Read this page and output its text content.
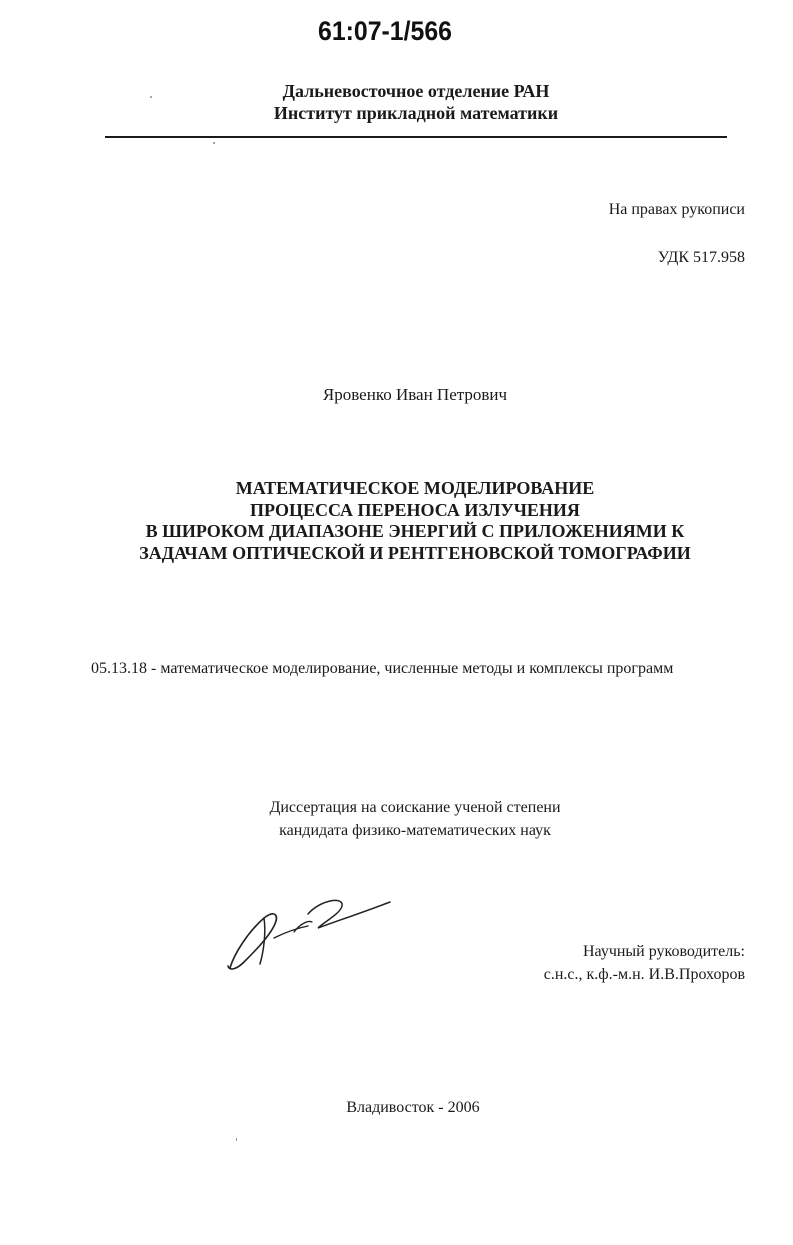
61:07-1/566
Дальневосточное отделение РАН
Институт прикладной математики
На правах рукописи
УДК 517.958
Яровенко Иван Петрович
МАТЕМАТИЧЕСКОЕ МОДЕЛИРОВАНИЕ
ПРОЦЕССА ПЕРЕНОСА ИЗЛУЧЕНИЯ
В ШИРОКОМ ДИАПАЗОНЕ ЭНЕРГИЙ С ПРИЛОЖЕНИЯМИ К
ЗАДАЧАМ ОПТИЧЕСКОЙ И РЕНТГЕНОВСКОЙ ТОМОГРАФИИ
05.13.18 - математическое моделирование, численные методы и комплексы программ
Диссертация на соискание ученой степени
кандидата физико-математических наук
Научный руководитель:
с.н.с., к.ф.-м.н. И.В.Прохоров
Владивосток - 2006
